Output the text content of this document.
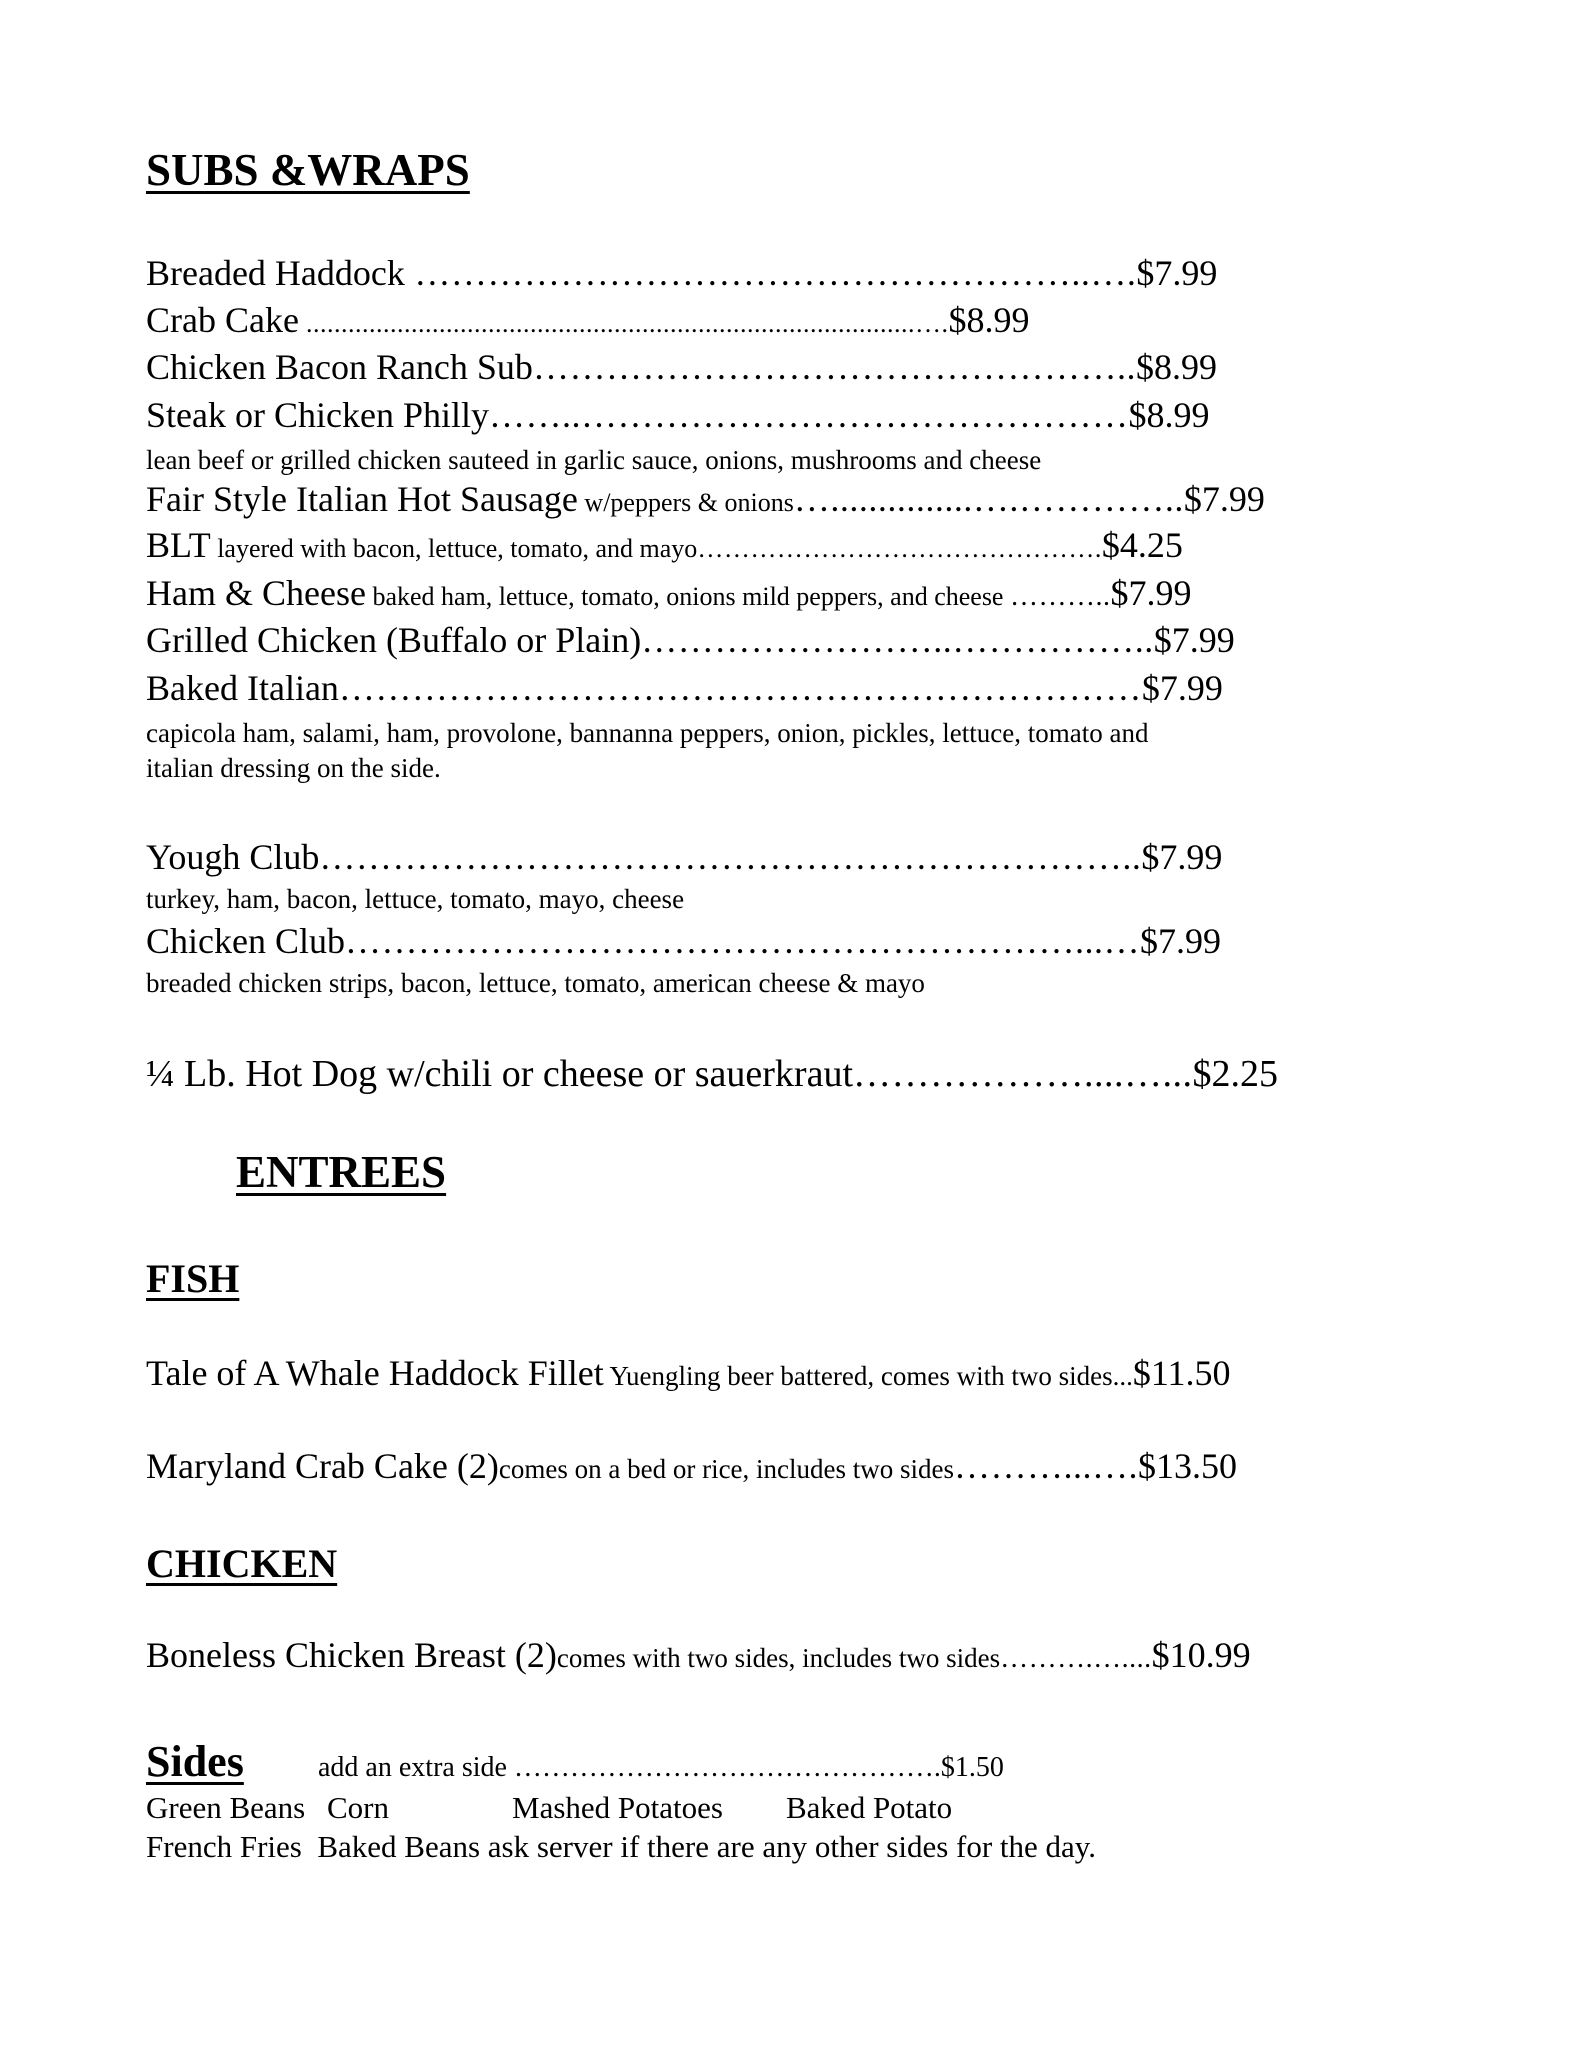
SUBS &WRAPS
Breaded Haddock ………………………………………………..….$7.99
Crab Cake .......................................................................................….$8.99
Chicken Bacon Ranch Sub…………………………………………..$8.99
Steak or Chicken Philly……..………………………………………$8.99
lean beef or grilled chicken sauteed in garlic sauce, onions, mushrooms and cheese
Fair Style Italian Hot Sausage w/peppers & onions…...............….…………..$7.99
BLT layered with bacon, lettuce, tomato, and mayo……………………………………….$4.25
Ham & Cheese baked ham, lettuce, tomato, onions mild peppers, and cheese ………..$7.99
Grilled Chicken (Buffalo or Plain)……………………..……………..$7.99
Baked Italian…………………………………………………………$7.99
capicola ham, salami, ham, provolone, bannanna peppers, onion, pickles, lettuce, tomato and
italian dressing on the side.
Yough Club…………………………………………………………..$7.99
turkey, ham, bacon, lettuce, tomato, mayo, cheese
Chicken Club……………………………………………………...…$7.99
breaded chicken strips, bacon, lettuce, tomato, american cheese & mayo
¼ Lb. Hot Dog w/chili or cheese or sauerkraut………………....…...$2.25
ENTREES
FISH
Tale of A Whale Haddock Fillet Yuengling beer battered, comes with two sides...$11.50
Maryland Crab Cake (2)comes on a bed or rice, includes two sides………...….$13.50
CHICKEN
Boneless Chicken Breast (2)comes with two sides, includes two sides……….…....$10.99
Sides	add an extra side ……………………………………….$1.50
Green Beans Corn	Mashed Potatoes Baked Potato
French Fries  Baked Beans ask server if there are any other sides for the day.
